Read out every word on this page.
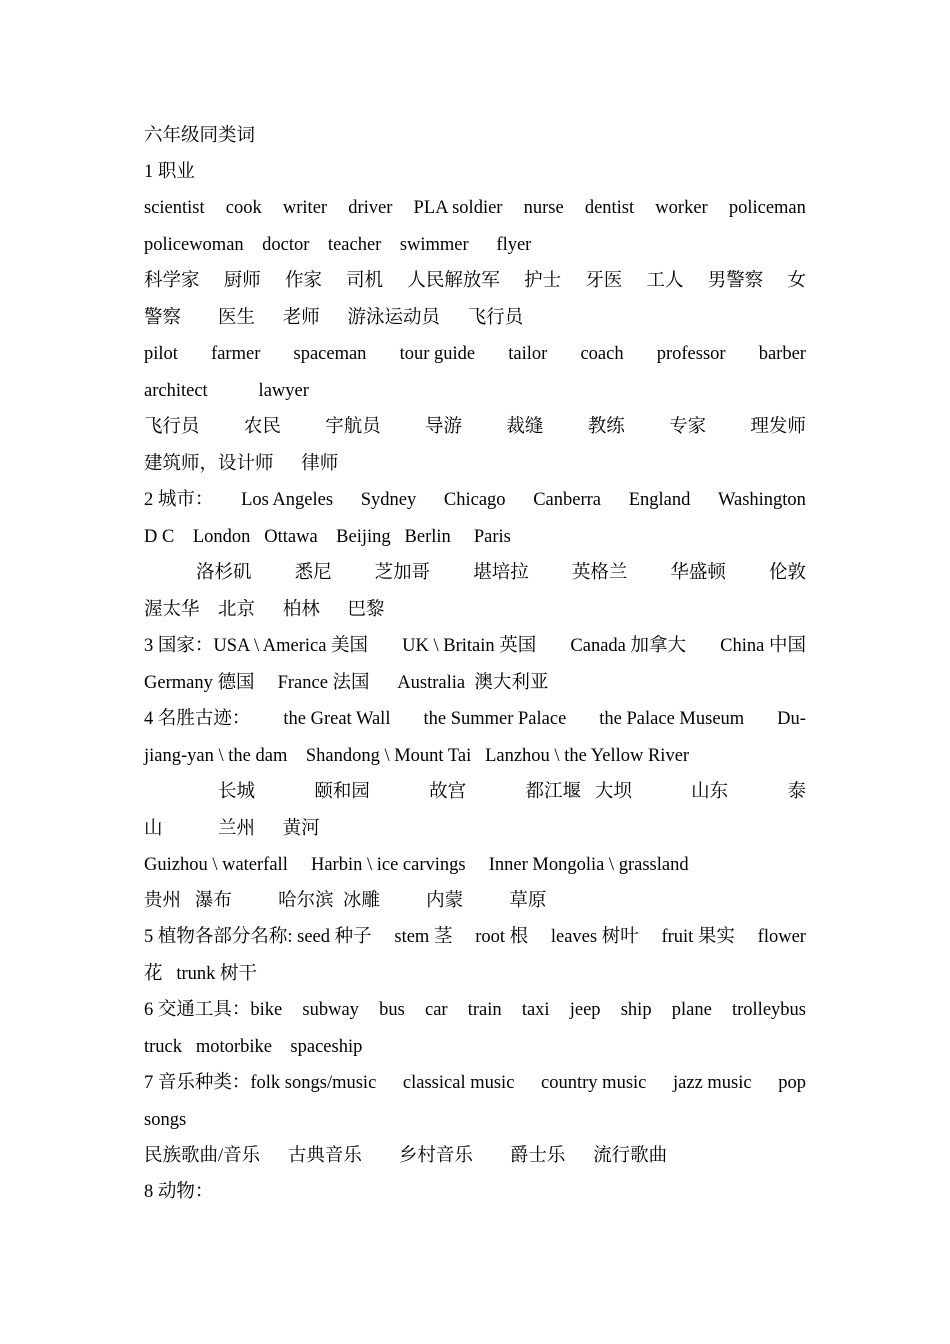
六年级同类词
1 职业
scientist cook writer driver PLA soldier nurse dentist worker policeman
policewoman    doctor    teacher    swimmer      flyer
科学家 厨师 作家 司机 人民解放军 护士 牙医 工人 男警察 女
警察        医生      老师      游泳运动员      飞行员
pilot farmer spaceman tour guide tailor coach professor barber
architect           lawyer
飞行员 农民 宇航员 导游 裁缝 教练 专家 理发师
建筑师，设计师      律师
2 城市： Los Angeles Sydney Chicago Canberra England Washington
D C    London   Ottawa    Beijing   Berlin     Paris
洛杉矶 悉尼 芝加哥 堪培拉 英格兰 华盛顿 伦敦
渥太华    北京      柏林      巴黎
3 国家：USA \ America 美国 UK \ Britain 英国 Canada 加拿大 China 中国
Germany 德国     France 法国      Australia  澳大利亚
4 名胜古迹： the Great Wall the Summer Palace the Palace Museum Du-
jiang-yan \ the dam    Shandong \ Mount Tai   Lanzhou \ the Yellow River
长城	颐和园	故宫	都江堰   大坝	山东	泰
山            兰州      黄河
Guizhou \ waterfall     Harbin \ ice carvings     Inner Mongolia \ grassland
贵州   瀑布          哈尔滨  冰雕          内蒙          草原
5 植物各部分名称: seed 种子 stem 茎 root 根 leaves 树叶 fruit 果实 flower
花   trunk 树干
6 交通工具：bike subway bus car train taxi jeep ship plane trolleybus
truck   motorbike    spaceship
7 音乐种类：folk songs/music classical music country music jazz music pop
songs
民族歌曲/音乐      古典音乐        乡村音乐        爵士乐      流行歌曲
8 动物：
